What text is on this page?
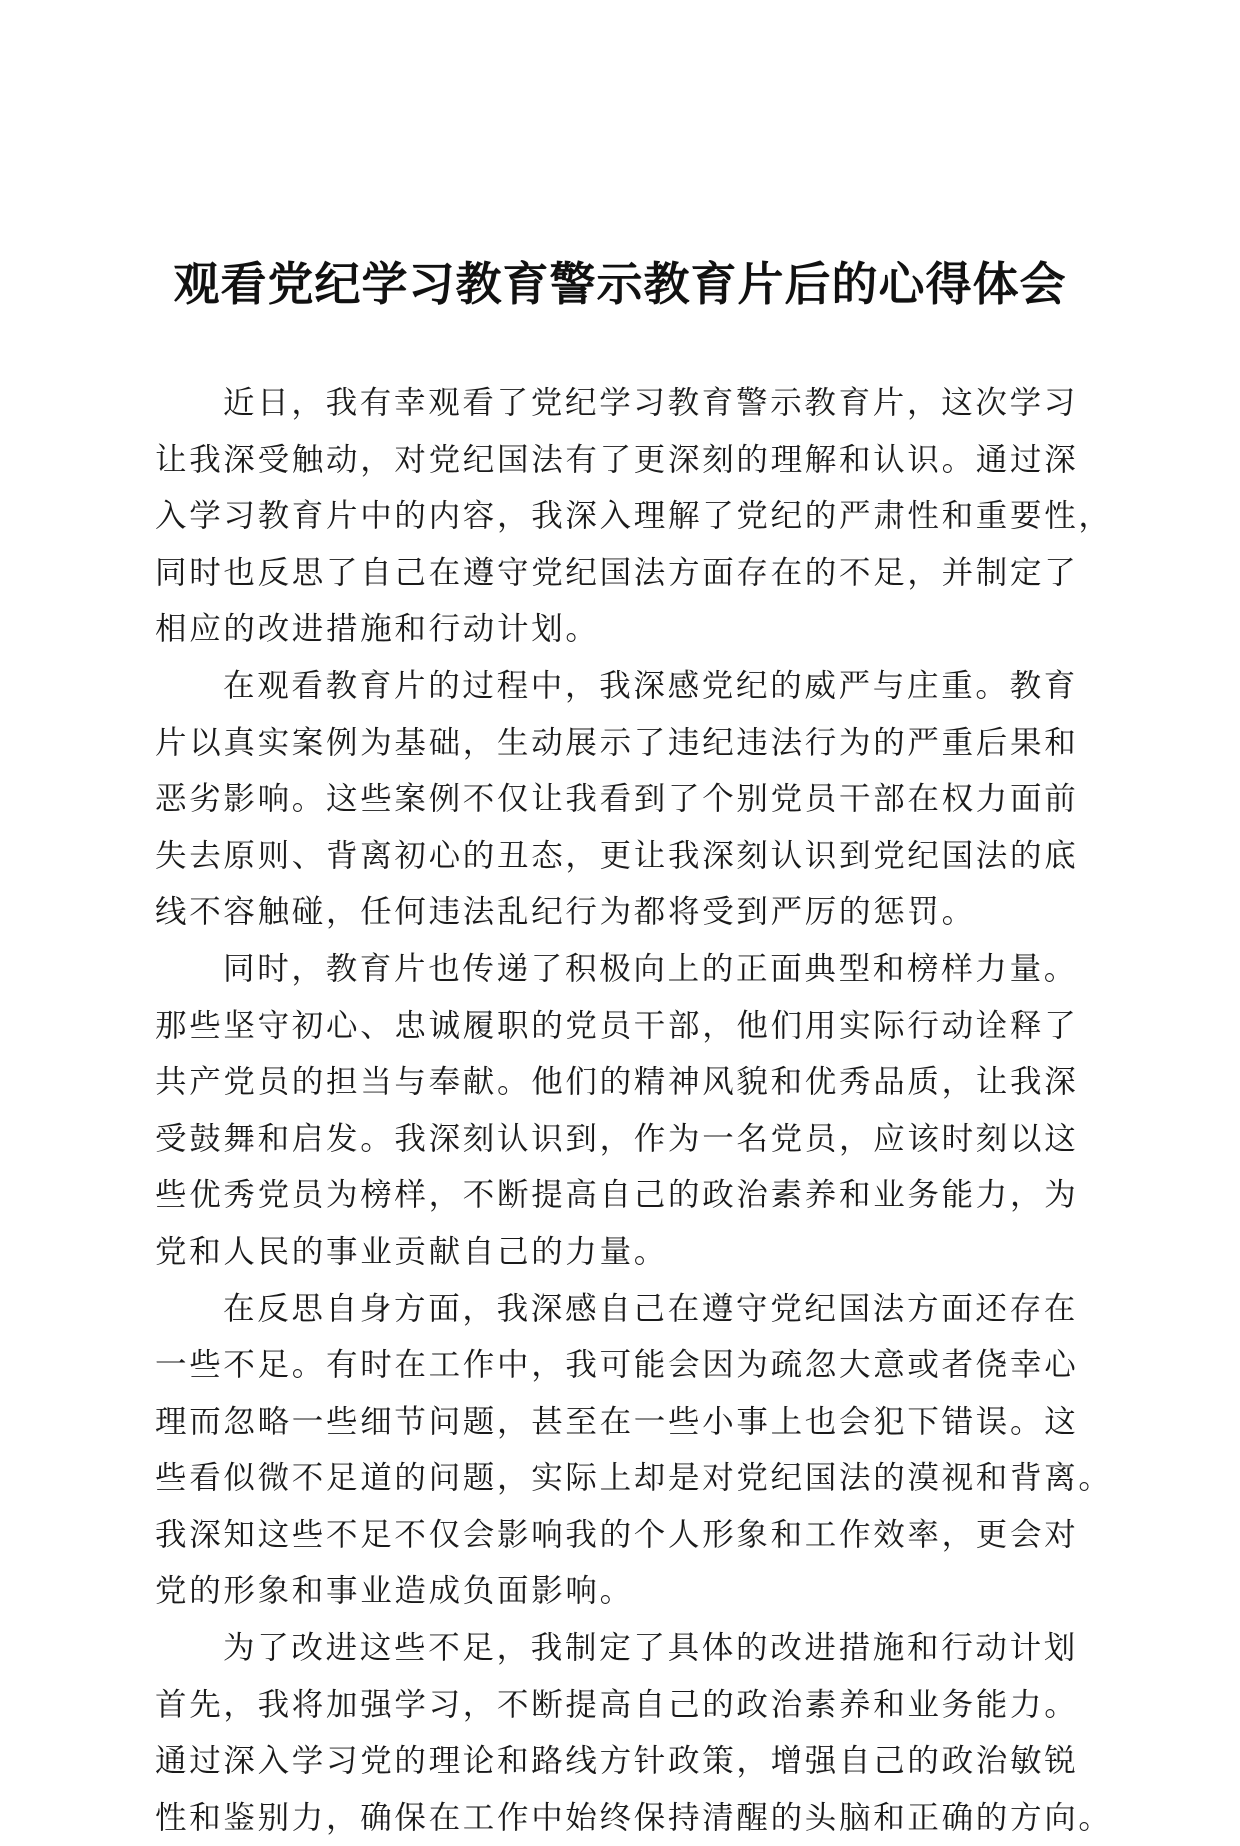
观看党纪学习教育警示教育片后的心得体会
近日，我有幸观看了党纪学习教育警示教育片，这次学习
让我深受触动，对党纪国法有了更深刻的理解和认识。通过深
入学习教育片中的内容，我深入理解了党纪的严肃性和重要性，
同时也反思了自己在遵守党纪国法方面存在的不足，并制定了
相应的改进措施和行动计划。
在观看教育片的过程中，我深感党纪的威严与庄重。教育
片以真实案例为基础，生动展示了违纪违法行为的严重后果和
恶劣影响。这些案例不仅让我看到了个别党员干部在权力面前
失去原则、背离初心的丑态，更让我深刻认识到党纪国法的底
线不容触碰，任何违法乱纪行为都将受到严厉的惩罚。
同时，教育片也传递了积极向上的正面典型和榜样力量。
那些坚守初心、忠诚履职的党员干部，他们用实际行动诠释了
共产党员的担当与奉献。他们的精神风貌和优秀品质，让我深
受鼓舞和启发。我深刻认识到，作为一名党员，应该时刻以这
些优秀党员为榜样，不断提高自己的政治素养和业务能力，为
党和人民的事业贡献自己的力量。
在反思自身方面，我深感自己在遵守党纪国法方面还存在
一些不足。有时在工作中，我可能会因为疏忽大意或者侥幸心
理而忽略一些细节问题，甚至在一些小事上也会犯下错误。这
些看似微不足道的问题，实际上却是对党纪国法的漠视和背离。
我深知这些不足不仅会影响我的个人形象和工作效率，更会对
党的形象和事业造成负面影响。
为了改进这些不足，我制定了具体的改进措施和行动计划
首先，我将加强学习，不断提高自己的政治素养和业务能力。
通过深入学习党的理论和路线方针政策，增强自己的政治敏锐
性和鉴别力，确保在工作中始终保持清醒的头脑和正确的方向。
